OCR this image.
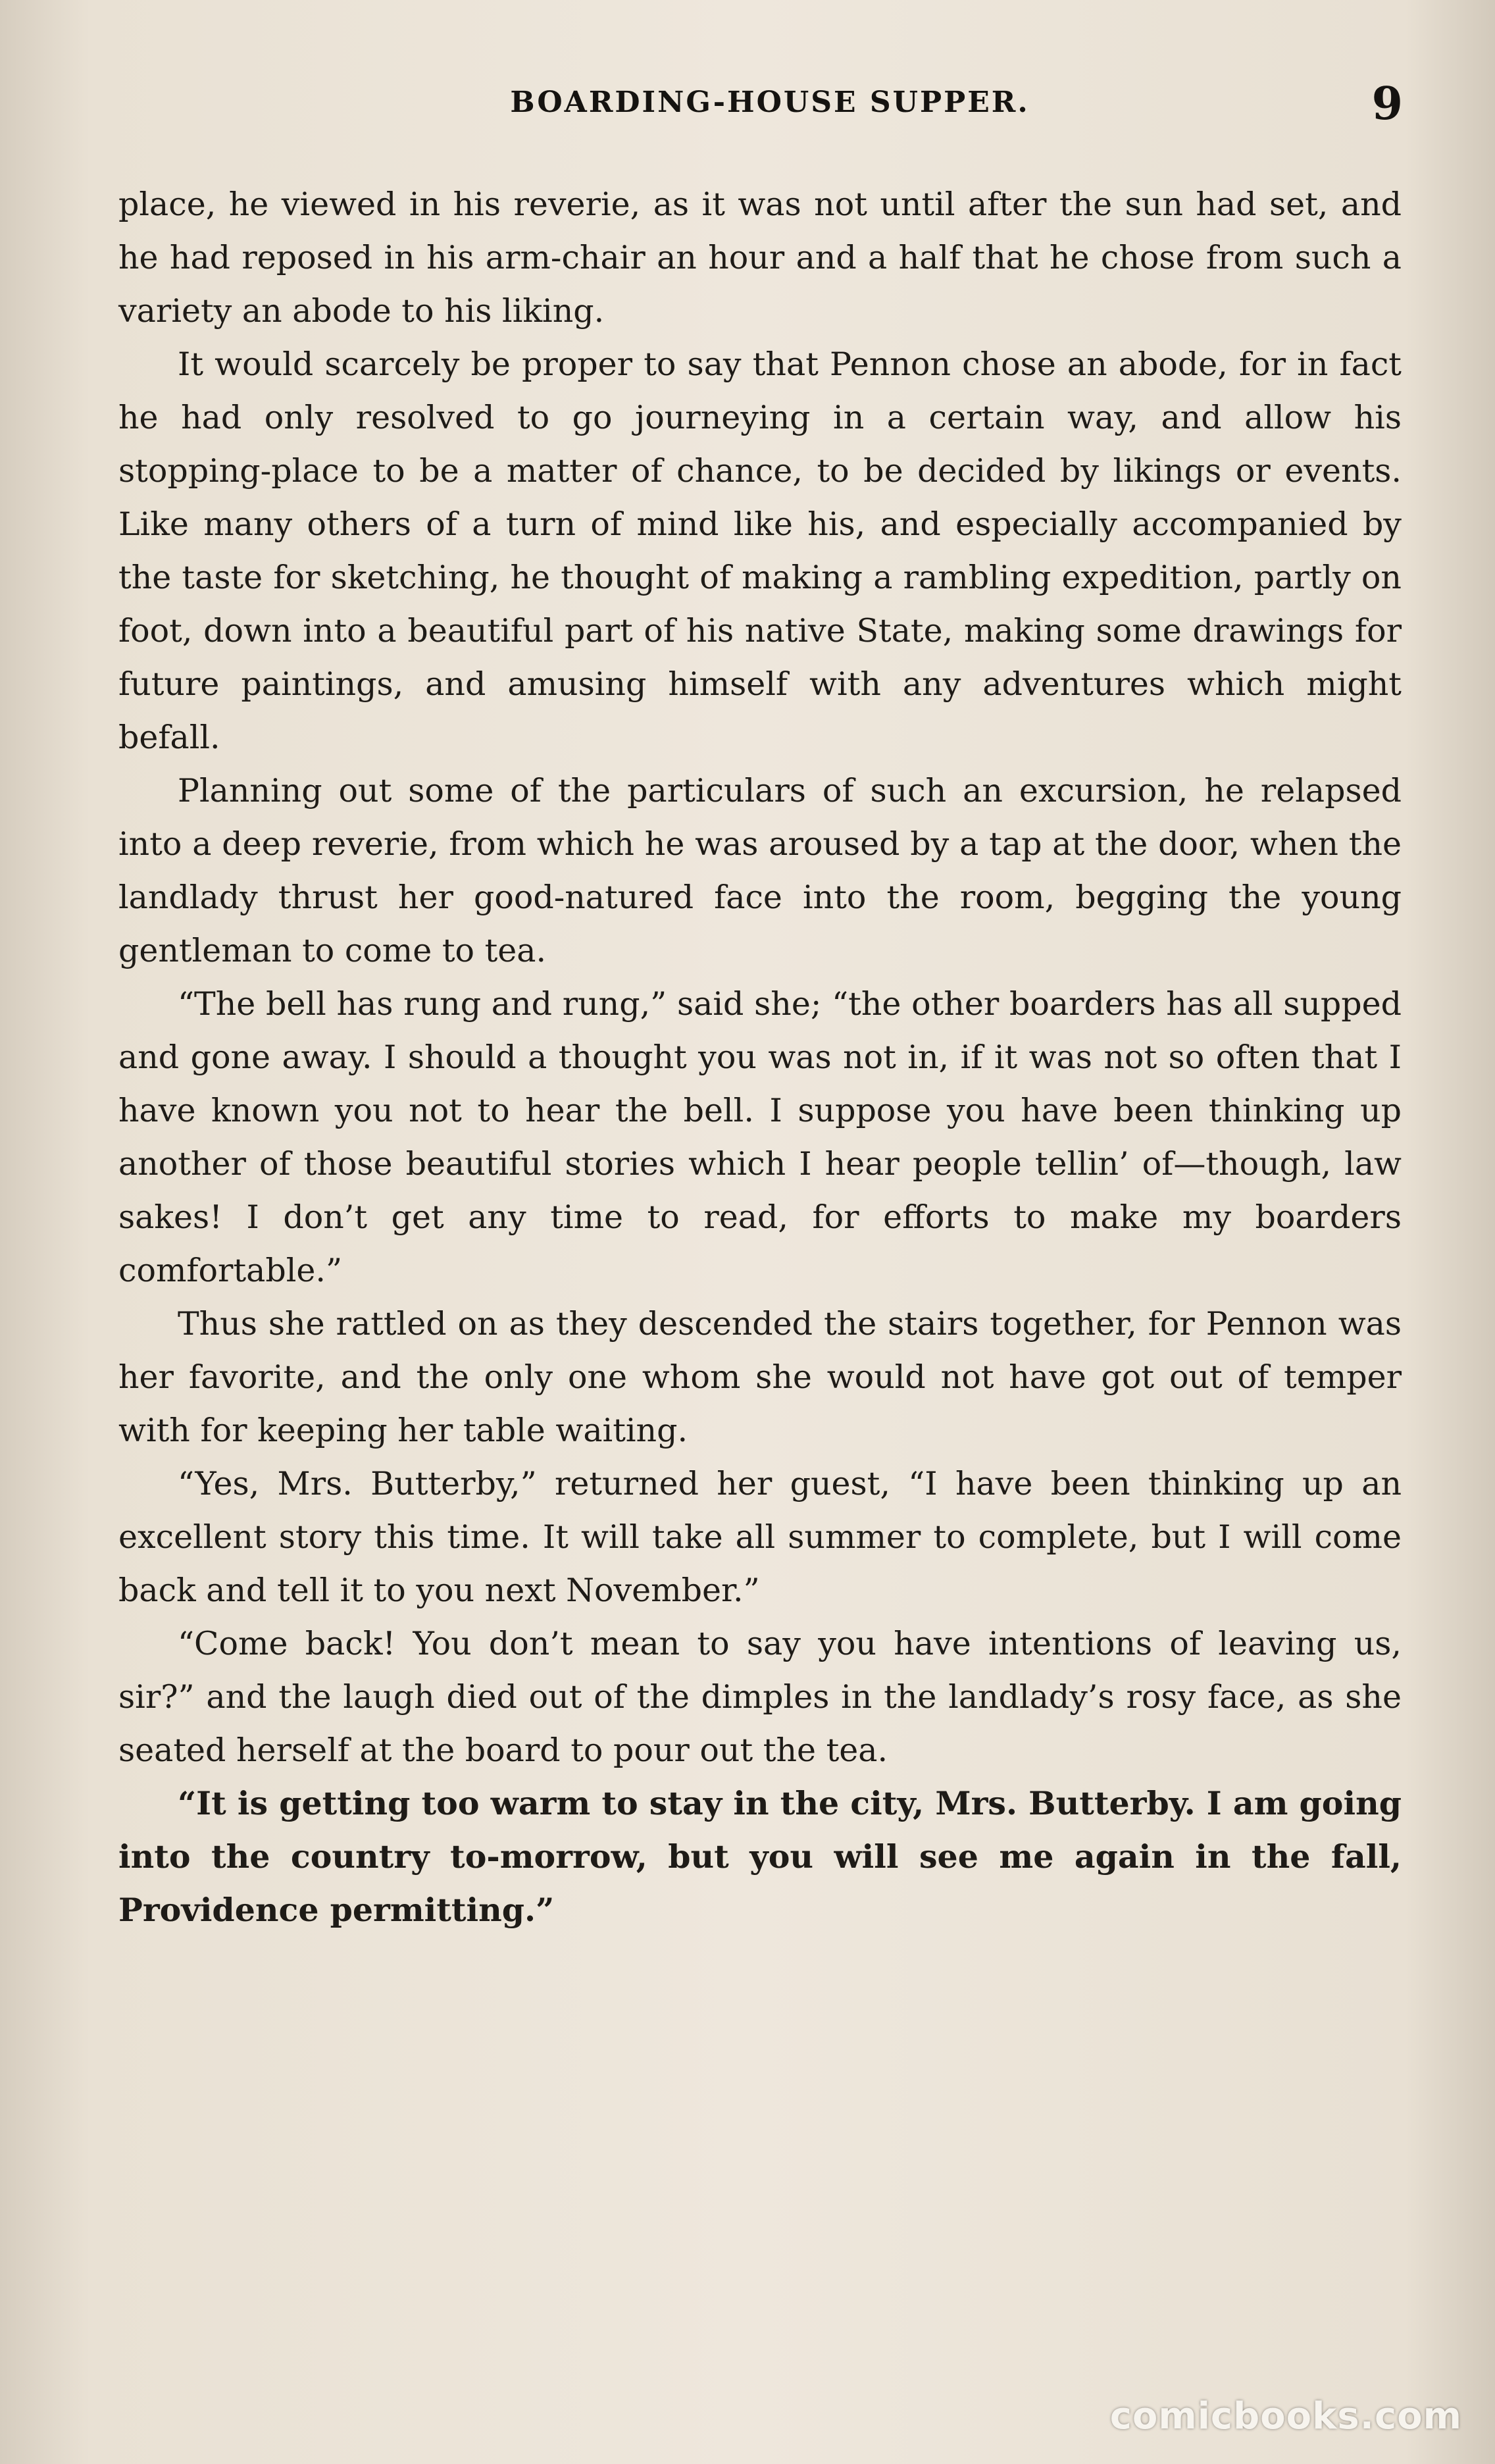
BOARDING-HOUSE SUPPER.	9

place, he viewed in his reverie, as it was not until after the sun had set, and he had reposed in his arm-chair an hour and a half that he chose from such a variety an abode to his liking.

It would scarcely be proper to say that Pennon chose an abode, for in fact he had only resolved to go journeying in a certain way, and allow his stopping-place to be a matter of chance, to be decided by likings or events. Like many others of a turn of mind like his, and especially accompanied by the taste for sketching, he thought of making a rambling expedition, partly on foot, down into a beautiful part of his native State, making some drawings for future paintings, and amusing himself with any adventures which might befall.

Planning out some of the particulars of such an excursion, he relapsed into a deep reverie, from which he was aroused by a tap at the door, when the landlady thrust her good-natured face into the room, begging the young gentleman to come to tea.

“The bell has rung and rung,” said she; “the other boarders has all supped and gone away. I should a thought you was not in, if it was not so often that I have known you not to hear the bell. I suppose you have been thinking up another of those beautiful stories which I hear people tellin’ of—though, law sakes! I don’t get any time to read, for efforts to make my boarders comfortable.”

Thus she rattled on as they descended the stairs together, for Pennon was her favorite, and the only one whom she would not have got out of temper with for keeping her table waiting.

“Yes, Mrs. Butterby,” returned her guest, “I have been thinking up an excellent story this time. It will take all summer to complete, but I will come back and tell it to you next November.”

“Come back! You don’t mean to say you have intentions of leaving us, sir?” and the laugh died out of the dimples in the landlady’s rosy face, as she seated herself at the board to pour out the tea.

“It is getting too warm to stay in the city, Mrs. Butterby. I am going into the country to-morrow, but you will see me again in the fall, Providence permitting.”

comicbooks.com
